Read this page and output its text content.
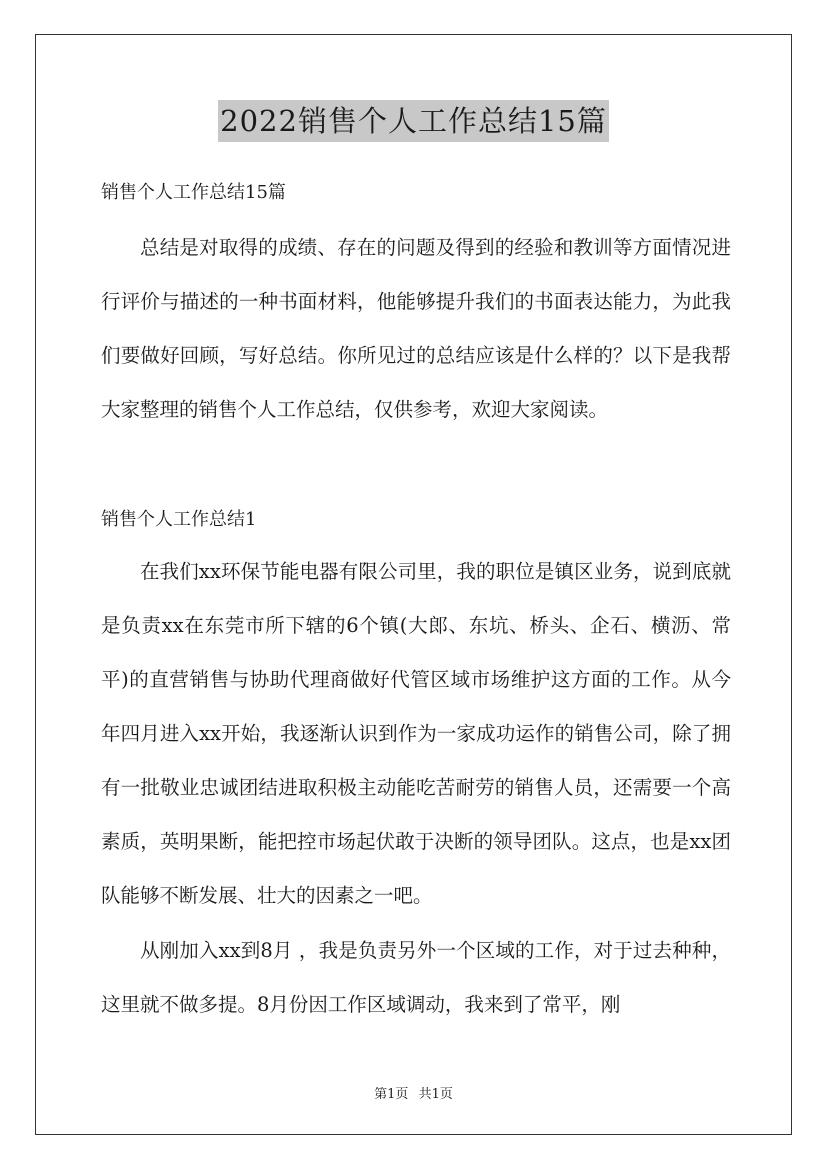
2022销售个人工作总结15篇
销售个人工作总结15篇

总结是对取得的成绩、存在的问题及得到的经验和教训等方面情况进行评价与描述的一种书面材料，他能够提升我们的书面表达能力，为此我们要做好回顾，写好总结。你所见过的总结应该是什么样的？以下是我帮大家整理的销售个人工作总结，仅供参考，欢迎大家阅读。

销售个人工作总结1

在我们xx环保节能电器有限公司里，我的职位是镇区业务，说到底就是负责xx在东莞市所下辖的6个镇(大郎、东坑、桥头、企石、横沥、常平)的直营销售与协助代理商做好代管区域市场维护这方面的工作。从今年四月进入xx开始，我逐渐认识到作为一家成功运作的销售公司，除了拥有一批敬业忠诚团结进取积极主动能吃苦耐劳的销售人员，还需要一个高素质，英明果断，能把控市场起伏敢于决断的领导团队。这点，也是xx团队能够不断发展、壮大的因素之一吧。

从刚加入xx到8月 ，我是负责另外一个区域的工作，对于过去种种，这里就不做多提。8月份因工作区域调动，我来到了常平，刚

第1页 共1页
